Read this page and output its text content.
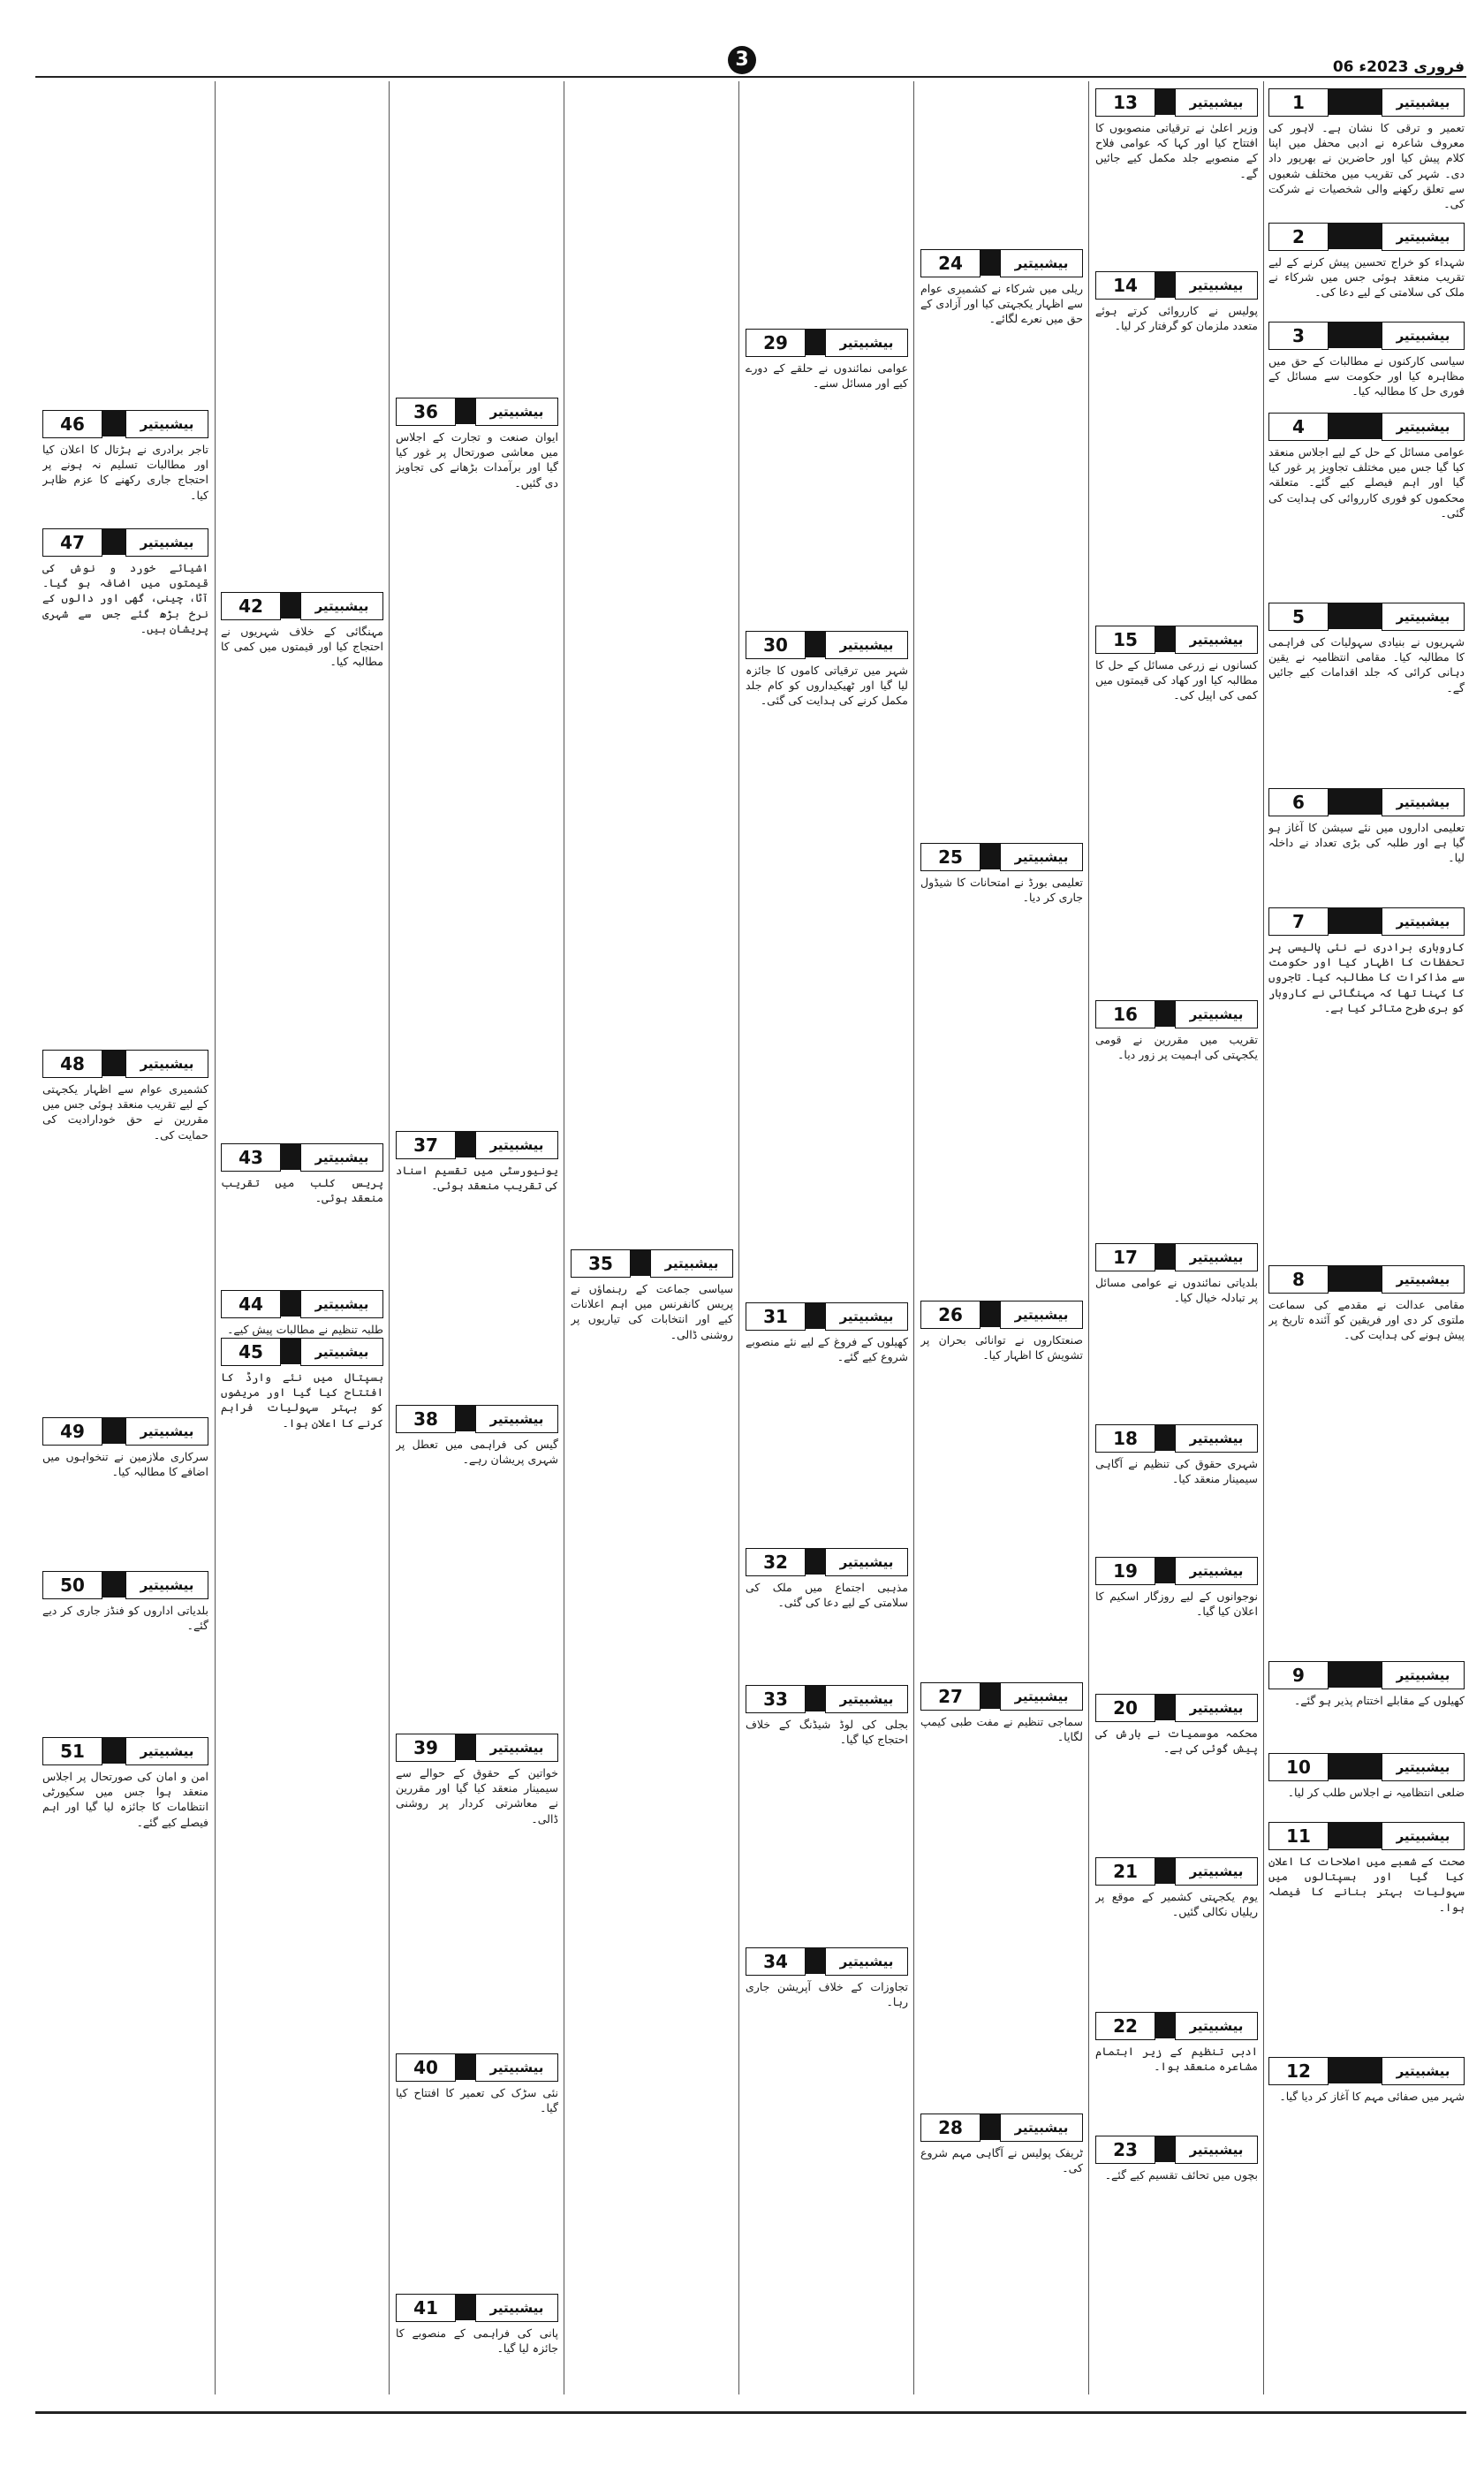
3	06 فروری 2023ء
1	بیشبیتیر
تعمیر و ترقی کا نشان ہے۔ لاہور کی معروف شاعرہ نے ادبی محفل میں اپنا کلام پیش کیا اور حاضرین نے بھرپور داد دی۔ شہر کی تقریب میں مختلف شعبوں سے تعلق رکھنے والی شخصیات نے شرکت کی۔
2	بیشبیتیر
شہداء کو خراج تحسین پیش کرنے کے لیے تقریب منعقد ہوئی جس میں شرکاء نے ملک کی سلامتی کے لیے دعا کی۔
3	بیشبیتیر
سیاسی کارکنوں نے مطالبات کے حق میں مظاہرہ کیا اور حکومت سے مسائل کے فوری حل کا مطالبہ کیا۔
4	بیشبیتیر
عوامی مسائل کے حل کے لیے اجلاس منعقد کیا گیا جس میں مختلف تجاویز پر غور کیا گیا اور اہم فیصلے کیے گئے۔ متعلقہ محکموں کو فوری کارروائی کی ہدایت کی گئی۔
5	بیشبیتیر
شہریوں نے بنیادی سہولیات کی فراہمی کا مطالبہ کیا۔ مقامی انتظامیہ نے یقین دہانی کرائی کہ جلد اقدامات کیے جائیں گے۔
6	بیشبیتیر
تعلیمی اداروں میں نئے سیشن کا آغاز ہو گیا ہے اور طلبہ کی بڑی تعداد نے داخلہ لیا۔
7	بیشبیتیر
کاروباری برادری نے نئی پالیسی پر تحفظات کا اظہار کیا اور حکومت سے مذاکرات کا مطالبہ کیا۔ تاجروں کا کہنا تھا کہ مہنگائی نے کاروبار کو بری طرح متاثر کیا ہے۔
8	بیشبیتیر
مقامی عدالت نے مقدمے کی سماعت ملتوی کر دی اور فریقین کو آئندہ تاریخ پر پیش ہونے کی ہدایت کی۔
9	بیشبیتیر
کھیلوں کے مقابلے اختتام پذیر ہو گئے۔
10	بیشبیتیر
ضلعی انتظامیہ نے اجلاس طلب کر لیا۔
11	بیشبیتیر
صحت کے شعبے میں اصلاحات کا اعلان کیا گیا اور ہسپتالوں میں سہولیات بہتر بنانے کا فیصلہ ہوا۔
12	بیشبیتیر
شہر میں صفائی مہم کا آغاز کر دیا گیا۔
13	بیشبیتیر
وزیر اعلیٰ نے ترقیاتی منصوبوں کا افتتاح کیا اور کہا کہ عوامی فلاح کے منصوبے جلد مکمل کیے جائیں گے۔
14	بیشبیتیر
پولیس نے کارروائی کرتے ہوئے متعدد ملزمان کو گرفتار کر لیا۔
15	بیشبیتیر
کسانوں نے زرعی مسائل کے حل کا مطالبہ کیا اور کھاد کی قیمتوں میں کمی کی اپیل کی۔
16	بیشبیتیر
تقریب میں مقررین نے قومی یکجہتی کی اہمیت پر زور دیا۔
17	بیشبیتیر
بلدیاتی نمائندوں نے عوامی مسائل پر تبادلہ خیال کیا۔
18	بیشبیتیر
شہری حقوق کی تنظیم نے آگاہی سیمینار منعقد کیا۔
19	بیشبیتیر
نوجوانوں کے لیے روزگار اسکیم کا اعلان کیا گیا۔
20	بیشبیتیر
محکمہ موسمیات نے بارش کی پیش گوئی کی ہے۔
21	بیشبیتیر
یوم یکجہتی کشمیر کے موقع پر ریلیاں نکالی گئیں۔
22	بیشبیتیر
ادبی تنظیم کے زیر اہتمام مشاعرہ منعقد ہوا۔
23	بیشبیتیر
بچوں میں تحائف تقسیم کیے گئے۔
24	بیشبیتیر
ریلی میں شرکاء نے کشمیری عوام سے اظہار یکجہتی کیا اور آزادی کے حق میں نعرے لگائے۔
25	بیشبیتیر
تعلیمی بورڈ نے امتحانات کا شیڈول جاری کر دیا۔
26	بیشبیتیر
صنعتکاروں نے توانائی بحران پر تشویش کا اظہار کیا۔
27	بیشبیتیر
سماجی تنظیم نے مفت طبی کیمپ لگایا۔
28	بیشبیتیر
ٹریفک پولیس نے آگاہی مہم شروع کی۔
29	بیشبیتیر
عوامی نمائندوں نے حلقے کے دورے کیے اور مسائل سنے۔
30	بیشبیتیر
شہر میں ترقیاتی کاموں کا جائزہ لیا گیا اور ٹھیکیداروں کو کام جلد مکمل کرنے کی ہدایت کی گئی۔
31	بیشبیتیر
کھیلوں کے فروغ کے لیے نئے منصوبے شروع کیے گئے۔
32	بیشبیتیر
مذہبی اجتماع میں ملک کی سلامتی کے لیے دعا کی گئی۔
33	بیشبیتیر
بجلی کی لوڈ شیڈنگ کے خلاف احتجاج کیا گیا۔
34	بیشبیتیر
تجاوزات کے خلاف آپریشن جاری رہا۔
35	بیشبیتیر
سیاسی جماعت کے رہنماؤں نے پریس کانفرنس میں اہم اعلانات کیے اور انتخابات کی تیاریوں پر روشنی ڈالی۔
36	بیشبیتیر
ایوان صنعت و تجارت کے اجلاس میں معاشی صورتحال پر غور کیا گیا اور برآمدات بڑھانے کی تجاویز دی گئیں۔
37	بیشبیتیر
یونیورسٹی میں تقسیم اسناد کی تقریب منعقد ہوئی۔
38	بیشبیتیر
گیس کی فراہمی میں تعطل پر شہری پریشان رہے۔
39	بیشبیتیر
خواتین کے حقوق کے حوالے سے سیمینار منعقد کیا گیا اور مقررین نے معاشرتی کردار پر روشنی ڈالی۔
40	بیشبیتیر
نئی سڑک کی تعمیر کا افتتاح کیا گیا۔
41	بیشبیتیر
پانی کی فراہمی کے منصوبے کا جائزہ لیا گیا۔
42	بیشبیتیر
مہنگائی کے خلاف شہریوں نے احتجاج کیا اور قیمتوں میں کمی کا مطالبہ کیا۔
43	بیشبیتیر
پریس کلب میں تقریب منعقد ہوئی۔
44	بیشبیتیر
طلبہ تنظیم نے مطالبات پیش کیے۔
45	بیشبیتیر
ہسپتال میں نئے وارڈ کا افتتاح کیا گیا اور مریضوں کو بہتر سہولیات فراہم کرنے کا اعلان ہوا۔
46	بیشبیتیر
تاجر برادری نے ہڑتال کا اعلان کیا اور مطالبات تسلیم نہ ہونے پر احتجاج جاری رکھنے کا عزم ظاہر کیا۔
47	بیشبیتیر
اشیائے خورد و نوش کی قیمتوں میں اضافہ ہو گیا۔ آٹا، چینی، گھی اور دالوں کے نرخ بڑھ گئے جس سے شہری پریشان ہیں۔
48	بیشبیتیر
کشمیری عوام سے اظہار یکجہتی کے لیے تقریب منعقد ہوئی جس میں مقررین نے حق خودارادیت کی حمایت کی۔
49	بیشبیتیر
سرکاری ملازمین نے تنخواہوں میں اضافے کا مطالبہ کیا۔
50	بیشبیتیر
بلدیاتی اداروں کو فنڈز جاری کر دیے گئے۔
51	بیشبیتیر
امن و امان کی صورتحال پر اجلاس منعقد ہوا جس میں سکیورٹی انتظامات کا جائزہ لیا گیا اور اہم فیصلے کیے گئے۔
